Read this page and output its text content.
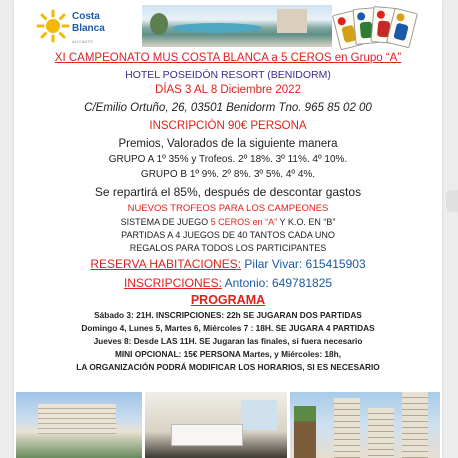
Costa
Blanca
ALICANTE
XI CAMPEONATO MUS COSTA BLANCA a 5 CEROS en Grupo “A”
HOTEL POSEIDÓN RESORT (BENIDORM)
DÍAS 3 AL 8 Diciembre 2022
C/Emilio Ortuño, 26, 03501 Benidorm Tno. 965 85 02 00
INSCRIPCIÓN 90€ PERSONA
Premios, Valorados de la siguiente manera
GRUPO A 1º 35% y Trofeos. 2º 18%. 3º 11%. 4º 10%.
GRUPO B 1º 9%. 2º 8%. 3º 5%. 4º 4%.
Se repartirá el 85%, después de descontar gastos
NUEVOS TROFEOS PARA LOS CAMPEONES
SISTEMA DE JUEGO 5 CEROS en “A” Y K.O. EN “B”
PARTIDAS A 4 JUEGOS DE 40 TANTOS CADA UNO
REGALOS PARA TODOS LOS PARTICIPANTES
RESERVA HABITACIONES: Pilar Vivar: 615415903
INSCRIPCIONES: Antonio: 649781825
PROGRAMA
Sábado 3: 21H. INSCRIPCIONES: 22h SE JUGARAN DOS PARTIDAS
Domingo 4, Lunes 5, Martes 6, Miércoles 7 : 18H. SE JUGARA 4 PARTIDAS
Jueves 8: Desde LAS 11H. SE Jugaran las finales, si fuera necesario
MINI OPCIONAL: 15€ PERSONA Martes, y Miércoles: 18h,
LA ORGANIZACIÓN PODRÁ MODIFICAR LOS HORARIOS, SI ES NECESARIO
